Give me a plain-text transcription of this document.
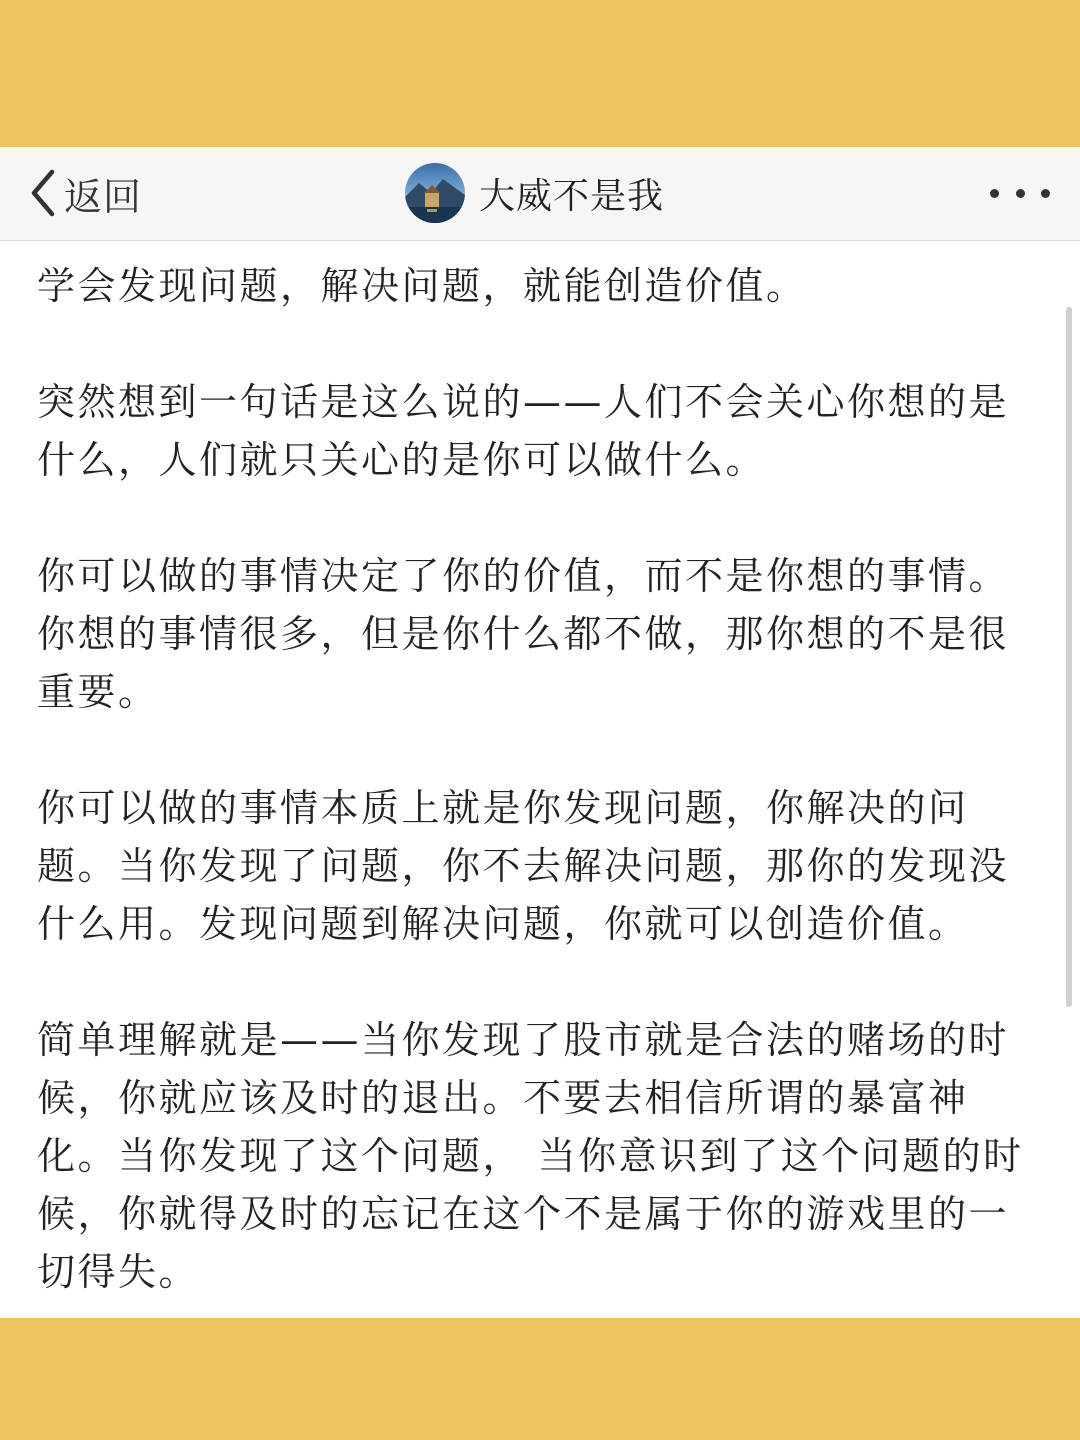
返回	大威不是我

学会发现问题，解决问题，就能创造价值。

突然想到一句话是这么说的——人们不会关心你想的是什么，人们就只关心的是你可以做什么。

你可以做的事情决定了你的价值，而不是你想的事情。你想的事情很多，但是你什么都不做，那你想的不是很重要。

你可以做的事情本质上就是你发现问题，你解决的问题。当你发现了问题，你不去解决问题，那你的发现没什么用。发现问题到解决问题，你就可以创造价值。

简单理解就是——当你发现了股市就是合法的赌场的时候，你就应该及时的退出。不要去相信所谓的暴富神化。当你发现了这个问题， 当你意识到了这个问题的时候，你就得及时的忘记在这个不是属于你的游戏里的一切得失。
